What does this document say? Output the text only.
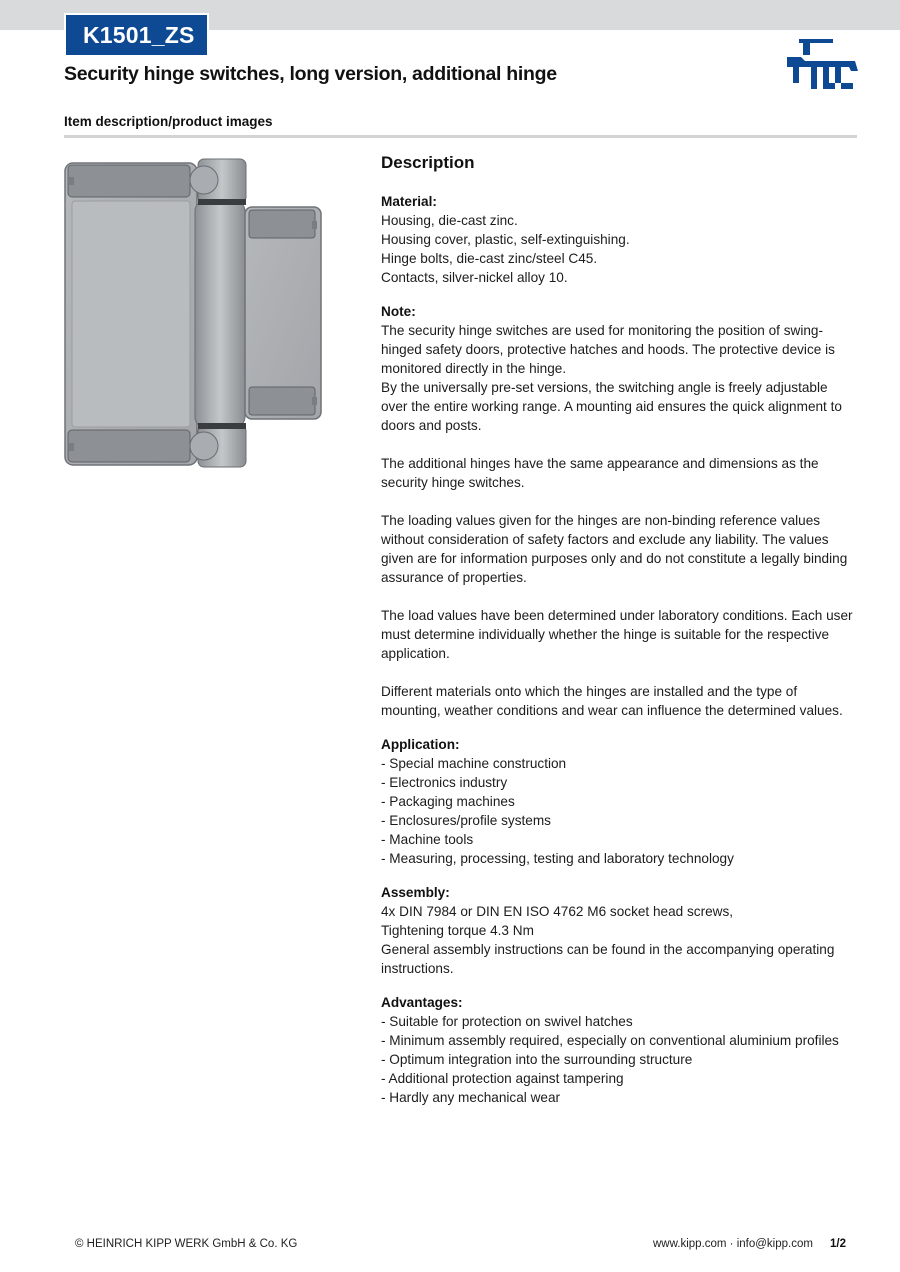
K1501_ZS
Security hinge switches, long version, additional hinge
Item description/product images
Description
Material:
Housing, die-cast zinc.
Housing cover, plastic, self-extinguishing.
Hinge bolts, die-cast zinc/steel C45.
Contacts, silver-nickel alloy 10.
Note:
The security hinge switches are used for monitoring the position of swing-hinged safety doors, protective hatches and hoods. The protective device is monitored directly in the hinge.
By the universally pre-set versions, the switching angle is freely adjustable over the entire working range. A mounting aid ensures the quick alignment to doors and posts.
The additional hinges have the same appearance and dimensions as the security hinge switches.
The loading values given for the hinges are non-binding reference values without consideration of safety factors and exclude any liability. The values given are for information purposes only and do not constitute a legally binding assurance of properties.
The load values have been determined under laboratory conditions. Each user must determine individually whether the hinge is suitable for the respective application.
Different materials onto which the hinges are installed and the type of mounting, weather conditions and wear can influence the determined values.
Application:
- Special machine construction
- Electronics industry
- Packaging machines
- Enclosures/profile systems
- Machine tools
- Measuring, processing, testing and laboratory technology
Assembly:
4x DIN 7984 or DIN EN ISO 4762 M6 socket head screws,
Tightening torque 4.3 Nm
General assembly instructions can be found in the accompanying operating instructions.
Advantages:
- Suitable for protection on swivel hatches
- Minimum assembly required, especially on conventional aluminium profiles
- Optimum integration into the surrounding structure
- Additional protection against tampering
- Hardly any mechanical wear
© HEINRICH KIPP WERK GmbH & Co. KG	www.kipp.com · info@kipp.com 1/2
